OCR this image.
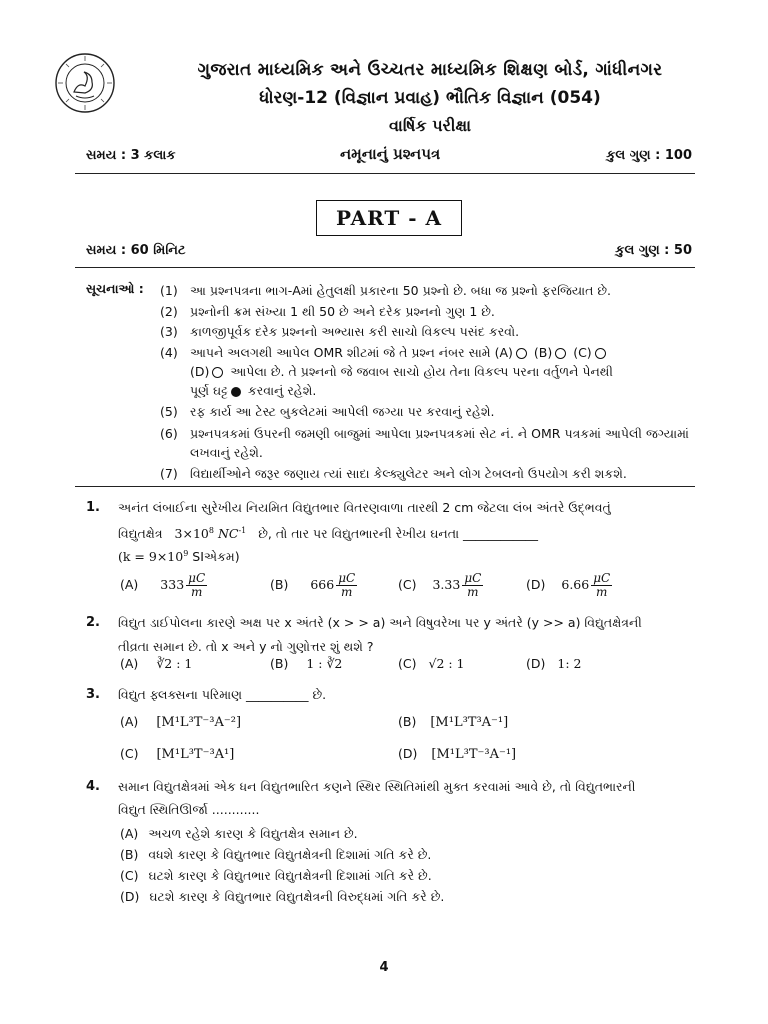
ગુજરાત માધ્યમિક અને ઉચ્ચતર માધ્યમિક શિક્ષણ બોર્ડ, ગાંધીનગર
ધોરણ-12 (વિજ્ઞાન પ્રવાહ) ભૌતિક વિજ્ઞાન (054)
વાર્ષિક પરીક્ષા
સમય : 3 કલાક	નમૂનાનું પ્રશ્નપત્ર	કુલ ગુણ : 100
PART - A
સમય : 60 મિનિટ	કુલ ગુણ : 50
સૂચનાઓ : (1) આ પ્રશ્નપત્રના ભાગ-Aમાં હેતુલક્ષી પ્રકારના 50 પ્રશ્નો છે. બધા જ પ્રશ્નો ફરજિયાત છે.
(2) પ્રશ્નોની ક્રમ સંખ્યા 1 થી 50 છે અને દરેક પ્રશ્નનો ગુણ 1 છે.
(3) કાળજીપૂર્વક દરેક પ્રશ્નનો અભ્યાસ કરી સાચો વિકલ્પ પસંદ કરવો.
(4) આપને અલગથી આપેલ OMR શીટમાં જે તે પ્રશ્ન નંબર સામે (A) (B) (C)
(D) આપેલા છે. તે પ્રશ્નનો જે જવાબ સાચો હોય તેના વિકલ્પ પરના વર્તુળને પેનથી
પૂર્ણ ઘટ્ટ કરવાનું રહેશે.
(5) રફ કાર્ય આ ટેસ્ટ બુકલેટમાં આપેલી જગ્યા પર કરવાનું રહેશે.
(6) પ્રશ્નપત્રકમાં ઉપરની જમણી બાજુમાં આપેલા પ્રશ્નપત્રકમાં સેટ નં. ને OMR પત્રકમાં આપેલી જગ્યામાં લખવાનું રહેશે.
(7) વિદ્યાર્થીઓને જરૂર જણાય ત્યાં સાદા કેલ્ક્યુલેટર અને લોગ ટેબલનો ઉપયોગ કરી શકશે.
1. અનંત લંબાઈના સુરેખીય નિયમિત વિદ્યુતભાર વિતરણવાળા તારથી 2 cm જેટલા લંબ અંતરે ઉદ્ભવતું
વિદ્યુતક્ષેત્ર $3\times 10^8$ $NC^{-1}$ છે, તો તાર પર વિદ્યુતભારની રેખીય ઘનતા ____________
($k = 9\times 10^9$ SIએકમ)
(A) $333 \frac{\mu C}{m}$	(B) $666 \frac{\mu C}{m}$	(C) $3.33 \frac{\mu C}{m}$	(D) $6.66 \frac{\mu C}{m}$
2. વિદ્યુત ડાઈપોલના કારણે અક્ષ પર x અંતરે (x > > a) અને વિષુવરેખા પર y અંતરે (y >> a) વિદ્યુતક્ષેત્રની
તીવ્રતા સમાન છે. તો x અને y નો ગુણોત્તર શું થશે ?
(A) ∛2 : 1	(B) 1 : ∛2	(C) √2 : 1	(D) 1: 2
3. વિદ્યુત ફ્લક્સના પરિમાણ __________ છે.
(A) [M¹L³T⁻³A⁻²]	(B) [M¹L³T³A⁻¹]
(C) [M¹L³T⁻³A¹]	(D) [M¹L³T⁻³A⁻¹]
4. સમાન વિદ્યુતક્ષેત્રમાં એક ધન વિદ્યુતભારિત કણને સ્થિર સ્થિતિમાંથી મુક્ત કરવામાં આવે છે, તો વિદ્યુતભારની
વિદ્યુત સ્થિતિઊર્જા ............
(A) અચળ રહેશે કારણ કે વિદ્યુતક્ષેત્ર સમાન છે.
(B) વધશે કારણ કે વિદ્યુતભાર વિદ્યુતક્ષેત્રની દિશામાં ગતિ કરે છે.
(C) ઘટશે કારણ કે વિદ્યુતભાર વિદ્યુતક્ષેત્રની દિશામાં ગતિ કરે છે.
(D) ઘટશે કારણ કે વિદ્યુતભાર વિદ્યુતક્ષેત્રની વિરુદ્ધમાં ગતિ કરે છે.
4
